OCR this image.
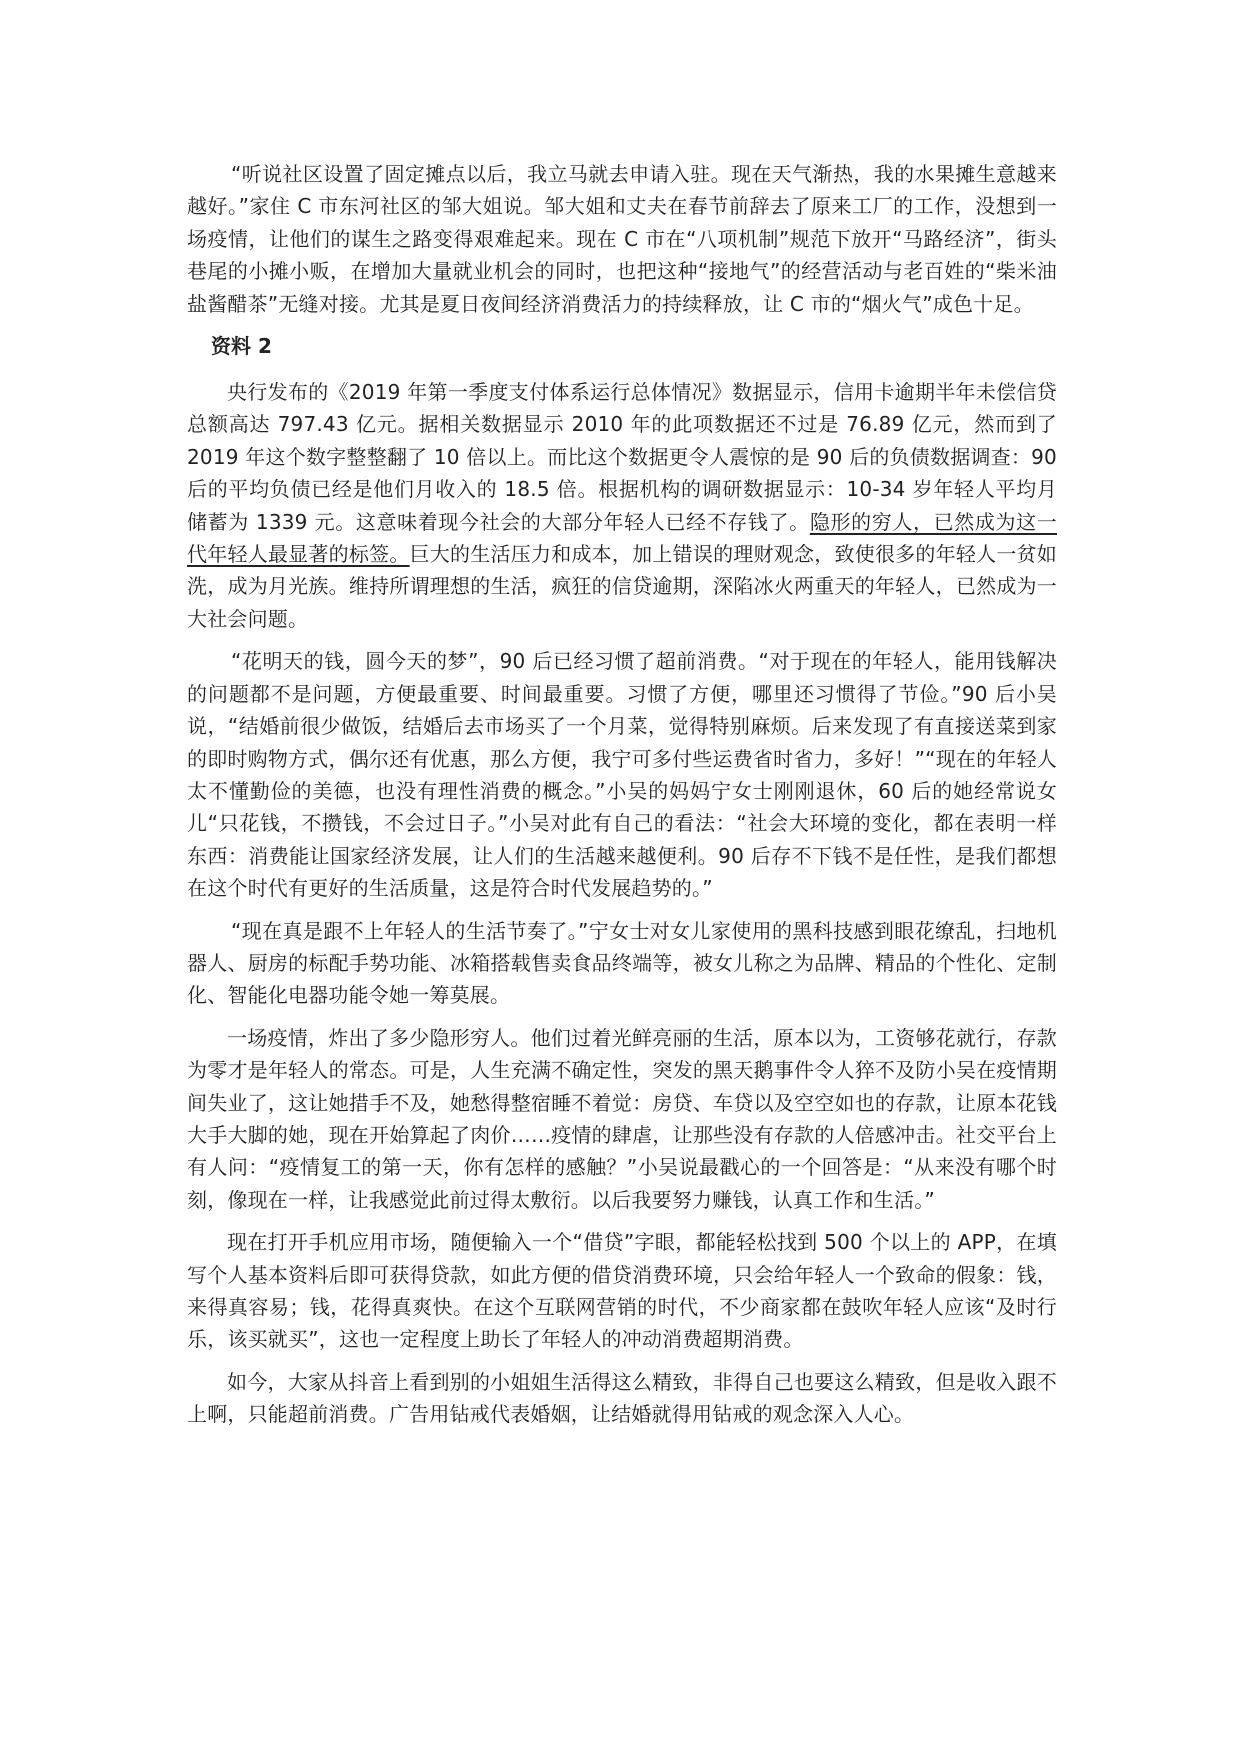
“听说社区设置了固定摊点以后，我立马就去申请入驻。现在天气渐热，我的水果摊生意越来越好。”家住 C 市东河社区的邹大姐说。邹大姐和丈夫在春节前辞去了原来工厂的工作，没想到一场疫情，让他们的谋生之路变得艰难起来。现在 C 市在“八项机制”规范下放开“马路经济”，街头巷尾的小摊小贩，在增加大量就业机会的同时，也把这种“接地气”的经营活动与老百姓的“柴米油盐酱醋茶”无缝对接。尤其是夏日夜间经济消费活力的持续释放，让 C 市的“烟火气”成色十足。

资料 2

央行发布的《2019 年第一季度支付体系运行总体情况》数据显示，信用卡逾期半年未偿信贷总额高达 797.43 亿元。据相关数据显示 2010 年的此项数据还不过是 76.89 亿元，然而到了 2019 年这个数字整整翻了 10 倍以上。而比这个数据更令人震惊的是 90 后的负债数据调查：90 后的平均负债已经是他们月收入的 18.5 倍。根据机构的调研数据显示：10-34 岁年轻人平均月储蓄为 1339 元。这意味着现今社会的大部分年轻人已经不存钱了。隐形的穷人，已然成为这一代年轻人最显著的标签。巨大的生活压力和成本，加上错误的理财观念，致使很多的年轻人一贫如洗，成为月光族。维持所谓理想的生活，疯狂的信贷逾期，深陷冰火两重天的年轻人，已然成为一大社会问题。

“花明天的钱，圆今天的梦”，90 后已经习惯了超前消费。“对于现在的年轻人，能用钱解决的问题都不是问题，方便最重要、时间最重要。习惯了方便，哪里还习惯得了节俭。”90 后小吴说，“结婚前很少做饭，结婚后去市场买了一个月菜，觉得特别麻烦。后来发现了有直接送菜到家的即时购物方式，偶尔还有优惠，那么方便，我宁可多付些运费省时省力，多好！”“现在的年轻人太不懂勤俭的美德，也没有理性消费的概念。”小吴的妈妈宁女士刚刚退休，60 后的她经常说女儿“只花钱，不攒钱，不会过日子。”小吴对此有自己的看法：“社会大环境的变化，都在表明一样东西：消费能让国家经济发展，让人们的生活越来越便利。90 后存不下钱不是任性，是我们都想在这个时代有更好的生活质量，这是符合时代发展趋势的。”

“现在真是跟不上年轻人的生活节奏了。”宁女士对女儿家使用的黑科技感到眼花缭乱，扫地机器人、厨房的标配手势功能、冰箱搭载售卖食品终端等，被女儿称之为品牌、精品的个性化、定制化、智能化电器功能令她一筹莫展。

一场疫情，炸出了多少隐形穷人。他们过着光鲜亮丽的生活，原本以为，工资够花就行，存款为零才是年轻人的常态。可是，人生充满不确定性，突发的黑天鹅事件令人猝不及防小吴在疫情期间失业了，这让她措手不及，她愁得整宿睡不着觉：房贷、车贷以及空空如也的存款，让原本花钱大手大脚的她，现在开始算起了肉价……疫情的肆虐，让那些没有存款的人倍感冲击。社交平台上有人问：“疫情复工的第一天，你有怎样的感触？”小吴说最戳心的一个回答是：“从来没有哪个时刻，像现在一样，让我感觉此前过得太敷衍。以后我要努力赚钱，认真工作和生活。”

现在打开手机应用市场，随便输入一个“借贷”字眼，都能轻松找到 500 个以上的 APP，在填写个人基本资料后即可获得贷款，如此方便的借贷消费环境，只会给年轻人一个致命的假象：钱，来得真容易；钱，花得真爽快。在这个互联网营销的时代，不少商家都在鼓吹年轻人应该“及时行乐，该买就买”，这也一定程度上助长了年轻人的冲动消费超期消费。

如今，大家从抖音上看到别的小姐姐生活得这么精致，非得自己也要这么精致，但是收入跟不上啊，只能超前消费。广告用钻戒代表婚姻，让结婚就得用钻戒的观念深入人心。
